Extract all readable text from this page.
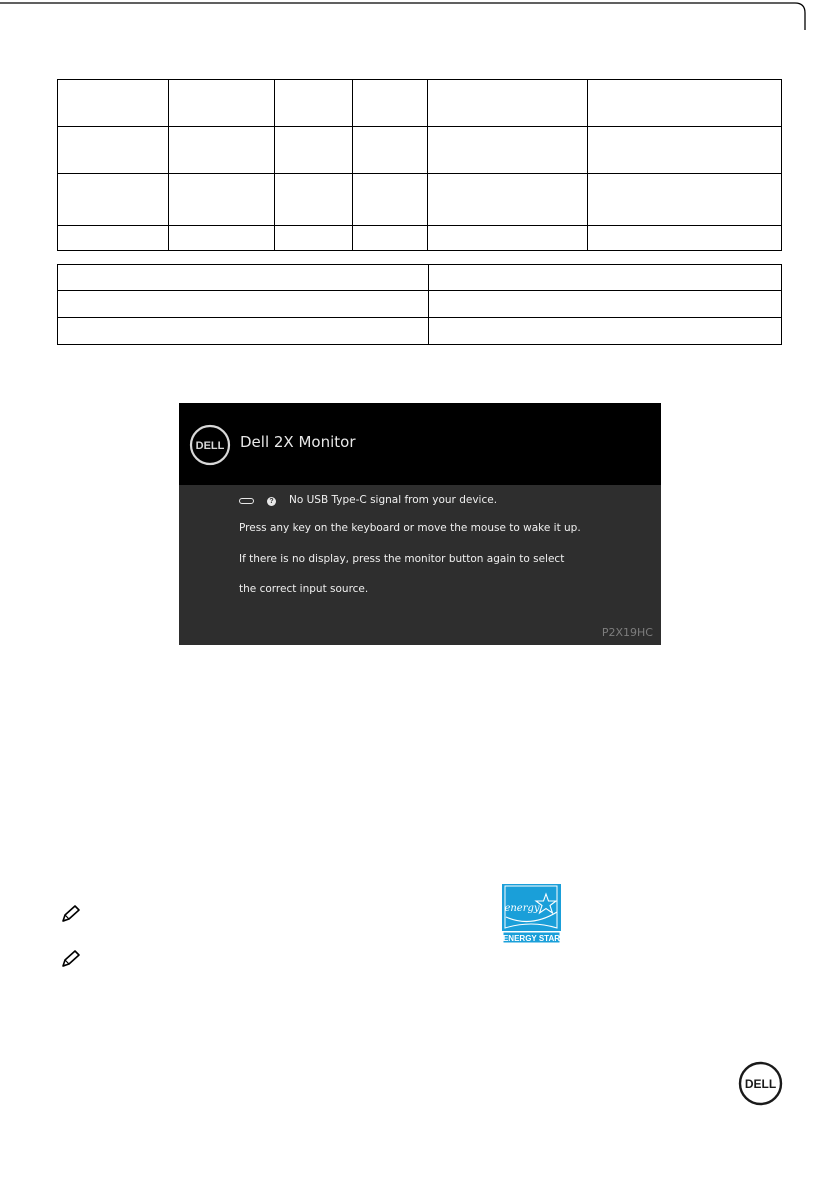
DELL Dell 2X Monitor
? No USB Type-C signal from your device.
Press any key on the keyboard or move the mouse to wake it up.
If there is no display, press the monitor button again to select
the correct input source.
P2X19HC
energy
ENERGY STAR
DELL
